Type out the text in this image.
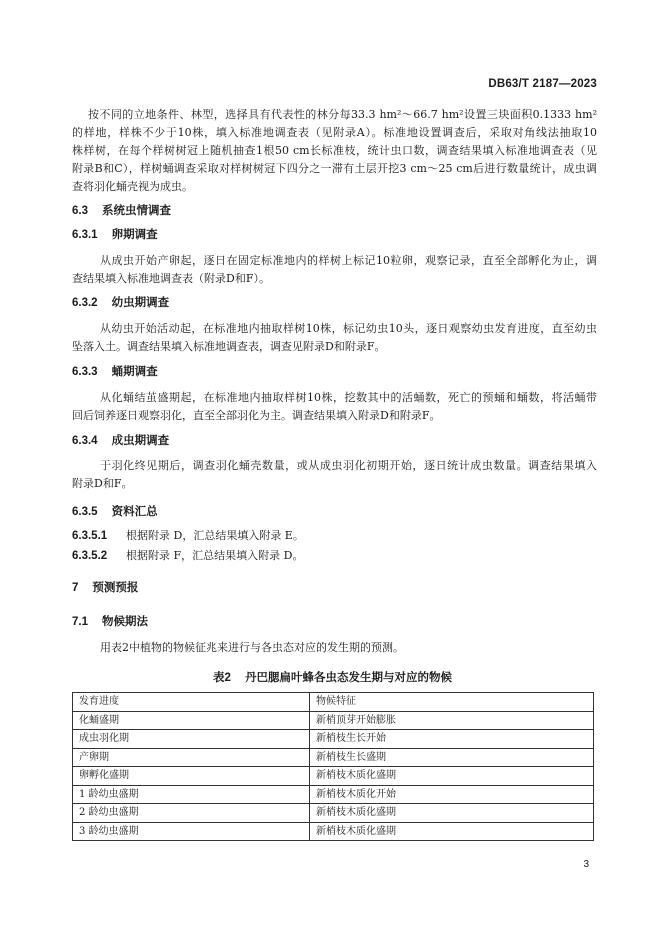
DB63/T 2187—2023
按不同的立地条件、林型，选择具有代表性的林分每33.3 hm²～66.7 hm²设置三块面积0.1333 hm²
的样地，样株不少于10株，填入标准地调查表（见附录A）。标准地设置调查后，采取对角线法抽取10
株样树，在每个样树树冠上随机抽查1根50 cm长标准枝，统计虫口数，调查结果填入标准地调查表（见
附录B和C），样树蛹调查采取对样树树冠下四分之一滞有土层开挖3 cm～25 cm后进行数量统计，成虫调
查将羽化蛹壳视为成虫。
6.3 系统虫情调查
6.3.1 卵期调查
从成虫开始产卵起，逐日在固定标准地内的样树上标记10粒卵，观察记录，直至全部孵化为止，调
查结果填入标准地调查表（附录D和F）。
6.3.2 幼虫期调查
从幼虫开始活动起，在标准地内抽取样树10株，标记幼虫10头，逐日观察幼虫发育进度，直至幼虫
坠落入土。调查结果填入标准地调查表，调查见附录D和附录F。
6.3.3 蛹期调查
从化蛹结茧盛期起，在标准地内抽取样树10株，挖数其中的活蛹数，死亡的预蛹和蛹数，将活蛹带
回后饲养逐日观察羽化，直至全部羽化为主。调查结果填入附录D和附录F。
6.3.4 成虫期调查
于羽化终见期后，调查羽化蛹壳数量，或从成虫羽化初期开始，逐日统计成虫数量。调查结果填入
附录D和F。
6.3.5 资料汇总
6.3.5.1 根据附录 D，汇总结果填入附录 E。
6.3.5.2 根据附录 F，汇总结果填入附录 D。
7 预测预报
7.1 物候期法
用表2中植物的物候征兆来进行与各虫态对应的发生期的预测。
表2 丹巴腮扁叶蜂各虫态发生期与对应的物候
发育进度	物候特征
化蛹盛期	新梢顶芽开始膨胀
成虫羽化期	新梢枝生长开始
产卵期	新梢枝生长盛期
卵孵化盛期	新梢枝木质化盛期
1 龄幼虫盛期	新梢枝木质化开始
2 龄幼虫盛期	新梢枝木质化盛期
3 龄幼虫盛期	新梢枝木质化盛期
3
